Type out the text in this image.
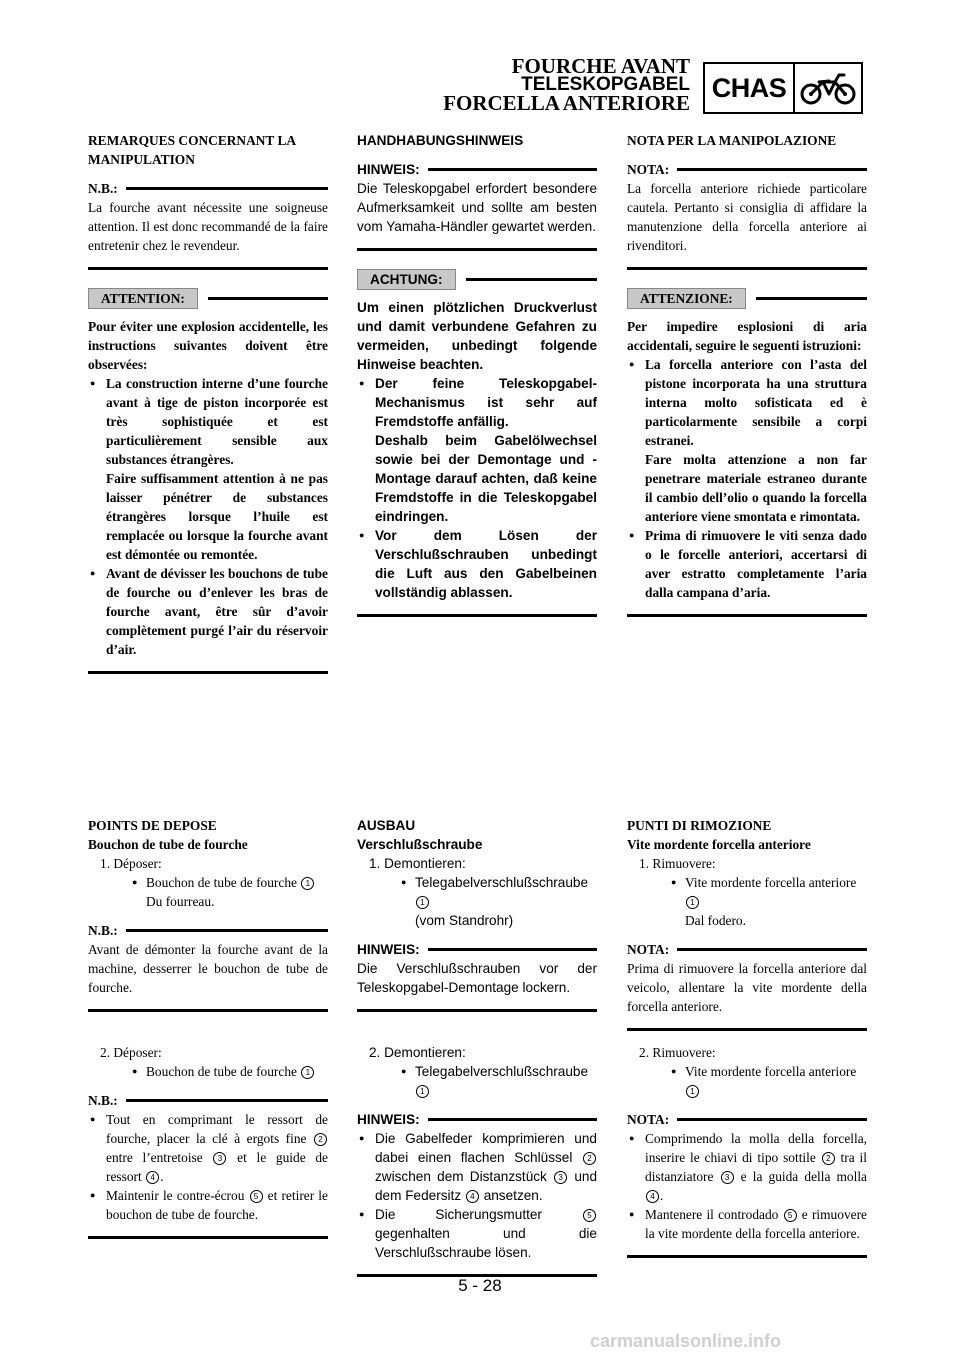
FOURCHE AVANT
TELESKOPGABEL
FORCELLA ANTERIORE
CHAS

REMARQUES CONCERNANT LA MANIPULATION

N.B.:
La fourche avant nécessite une soigneuse attention. Il est donc recommandé de la faire entretenir chez le revendeur.
ATTENTION:
Pour éviter une explosion accidentelle, les instructions suivantes doivent être observées:
● La construction interne d’une fourche avant à tige de piston incorporée est très sophistiquée et est particulièrement sensible aux substances étrangères.
Faire suffisamment attention à ne pas laisser pénétrer de substances étrangères lorsque l’huile est remplacée ou lorsque la fourche avant est démontée ou remontée.
● Avant de dévisser les bouchons de tube de fourche ou d’enlever les bras de fourche avant, être sûr d’avoir complètement purgé l’air du réservoir d’air.

HANDHABUNGSHINWEIS

HINWEIS:
Die Teleskopgabel erfordert besondere Aufmerksamkeit und sollte am besten vom Yamaha-Händler gewartet werden.
ACHTUNG:
Um einen plötzlichen Druckverlust und damit verbundene Gefahren zu vermeiden, unbedingt folgende Hinweise beachten.
● Der feine Teleskopgabel-Mechanismus ist sehr auf Fremdstoffe anfällig.
Deshalb beim Gabelölwechsel sowie bei der Demontage und -Montage darauf achten, daß keine Fremdstoffe in die Teleskopgabel eindringen.
● Vor dem Lösen der Verschlußschrauben unbedingt die Luft aus den Gabelbeinen vollständig ablassen.

NOTA PER LA MANIPOLAZIONE

NOTA:
La forcella anteriore richiede particolare cautela. Pertanto si consiglia di affidare la manutenzione della forcella anteriore ai rivenditori.
ATTENZIONE:
Per impedire esplosioni di aria accidentali, seguire le seguenti istruzioni:
● La forcella anteriore con l’asta del pistone incorporata ha una struttura interna molto sofisticata ed è particolarmente sensibile a corpi estranei.
Fare molta attenzione a non far penetrare materiale estraneo durante il cambio dell’olio o quando la forcella anteriore viene smontata e rimontata.
● Prima di rimuovere le viti senza dado o le forcelle anteriori, accertarsi di aver estratto completamente l’aria dalla campana d’aria.
POINTS DE DEPOSE
Bouchon de tube de fourche
1. Déposer:
● Bouchon de tube de fourche 1
Du fourreau.
N.B.:
Avant de démonter la fourche avant de la machine, desserrer le bouchon de tube de fourche.
AUSBAU
Verschlußschraube
1. Demontieren:
● Telegabelverschlußschraube 1
(vom Standrohr)
HINWEIS:
Die Verschlußschrauben vor der Teleskopgabel-Demontage lockern.
PUNTI DI RIMOZIONE
Vite mordente forcella anteriore
1. Rimuovere:
● Vite mordente forcella anteriore 1
Dal fodero.
NOTA:
Prima di rimuovere la forcella anteriore dal veicolo, allentare la vite mordente della forcella anteriore.
2. Déposer:
● Bouchon de tube de fourche 1
N.B.:
● Tout en comprimant le ressort de fourche, placer la clé à ergots fine 2 entre l’entretoise 3 et le guide de ressort 4 .
● Maintenir le contre-écrou 5 et retirer le bouchon de tube de fourche.
2. Demontieren:
● Telegabelverschlußschraube 1
HINWEIS:
● Die Gabelfeder komprimieren und dabei einen flachen Schlüssel 2 zwischen dem Distanzstück 3 und dem Federsitz 4 ansetzen.
● Die Sicherungsmutter	5 gegenhalten und die Verschlußschraube lösen.
2. Rimuovere:
● Vite mordente forcella anteriore 1
NOTA:
● Comprimendo la molla della forcella, inserire le chiavi di tipo sottile 2 tra il distanziatore 3 e la guida della molla 4 .
● Mantenere il controdado 5 e rimuovere la vite mordente della forcella anteriore.
5 - 28
carmanualsonline.info
